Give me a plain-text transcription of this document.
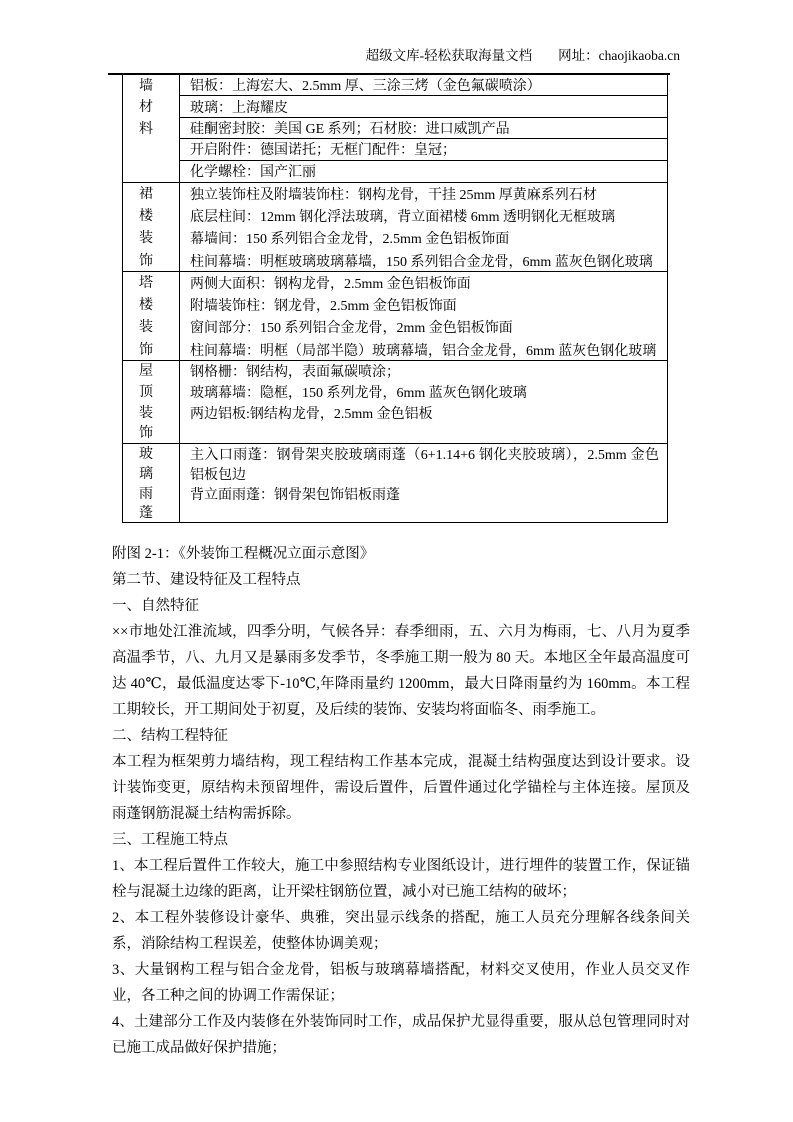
超级文库-轻松获取海量文档 网址：chaojikaoba.cn
墙材料
铝板：上海宏大、2.5mm 厚、三涂三烤（金色氟碳喷涂）
玻璃：上海耀皮
硅酮密封胶：美国 GE 系列；石材胶：进口威凯产品
开启附件：德国诺托；无框门配件：皇冠；
化学螺栓：国产汇丽
裙楼装饰
独立装饰柱及附墙装饰柱：钢构龙骨，干挂 25mm 厚黄麻系列石材
底层柱间：12mm 钢化浮法玻璃，背立面裙楼 6mm 透明钢化无框玻璃
幕墙间：150 系列铝合金龙骨，2.5mm 金色铝板饰面
柱间幕墙：明框玻璃玻璃幕墙，150 系列铝合金龙骨，6mm 蓝灰色钢化玻璃
塔楼装饰
两侧大面积：钢构龙骨，2.5mm 金色铝板饰面
附墙装饰柱：钢龙骨，2.5mm 金色铝板饰面
窗间部分：150 系列铝合金龙骨，2mm 金色铝板饰面
柱间幕墙：明框（局部半隐）玻璃幕墙，铝合金龙骨，6mm 蓝灰色钢化玻璃
屋顶装饰
钢格栅：钢结构，表面氟碳喷涂；
玻璃幕墙：隐框，150 系列龙骨，6mm 蓝灰色钢化玻璃
两边铝板:钢结构龙骨，2.5mm 金色铝板
玻璃雨蓬
主入口雨蓬：钢骨架夹胶玻璃雨蓬（6+1.14+6 钢化夹胶玻璃），2.5mm 金色铝板包边
背立面雨蓬：钢骨架包饰铝板雨蓬

附图 2-1：《外装饰工程概况立面示意图》

第二节、建设特征及工程特点

一、自然特征

××市地处江淮流域，四季分明，气候各异：春季细雨，五、六月为梅雨，七、八月为夏季高温季节，八、九月又是暴雨多发季节，冬季施工期一般为 80 天。本地区全年最高温度可达 40℃，最低温度达零下-10℃,年降雨量约 1200mm，最大日降雨量约为 160mm。本工程工期较长，开工期间处于初夏，及后续的装饰、安装均将面临冬、雨季施工。

二、结构工程特征

本工程为框架剪力墙结构，现工程结构工作基本完成，混凝土结构强度达到设计要求。设计装饰变更，原结构未预留埋件，需设后置件，后置件通过化学锚栓与主体连接。屋顶及雨蓬钢筋混凝土结构需拆除。

三、工程施工特点

1、本工程后置件工作较大，施工中参照结构专业图纸设计，进行埋件的装置工作，保证锚栓与混凝土边缘的距离，让开梁柱钢筋位置，减小对已施工结构的破坏；

2、本工程外装修设计豪华、典雅，突出显示线条的搭配，施工人员充分理解各线条间关系，消除结构工程误差，使整体协调美观；

3、大量钢构工程与铝合金龙骨，铝板与玻璃幕墙搭配，材料交叉使用，作业人员交叉作业，各工种之间的协调工作需保证；

4、土建部分工作及内装修在外装饰同时工作，成品保护尤显得重要，服从总包管理同时对已施工成品做好保护措施；
